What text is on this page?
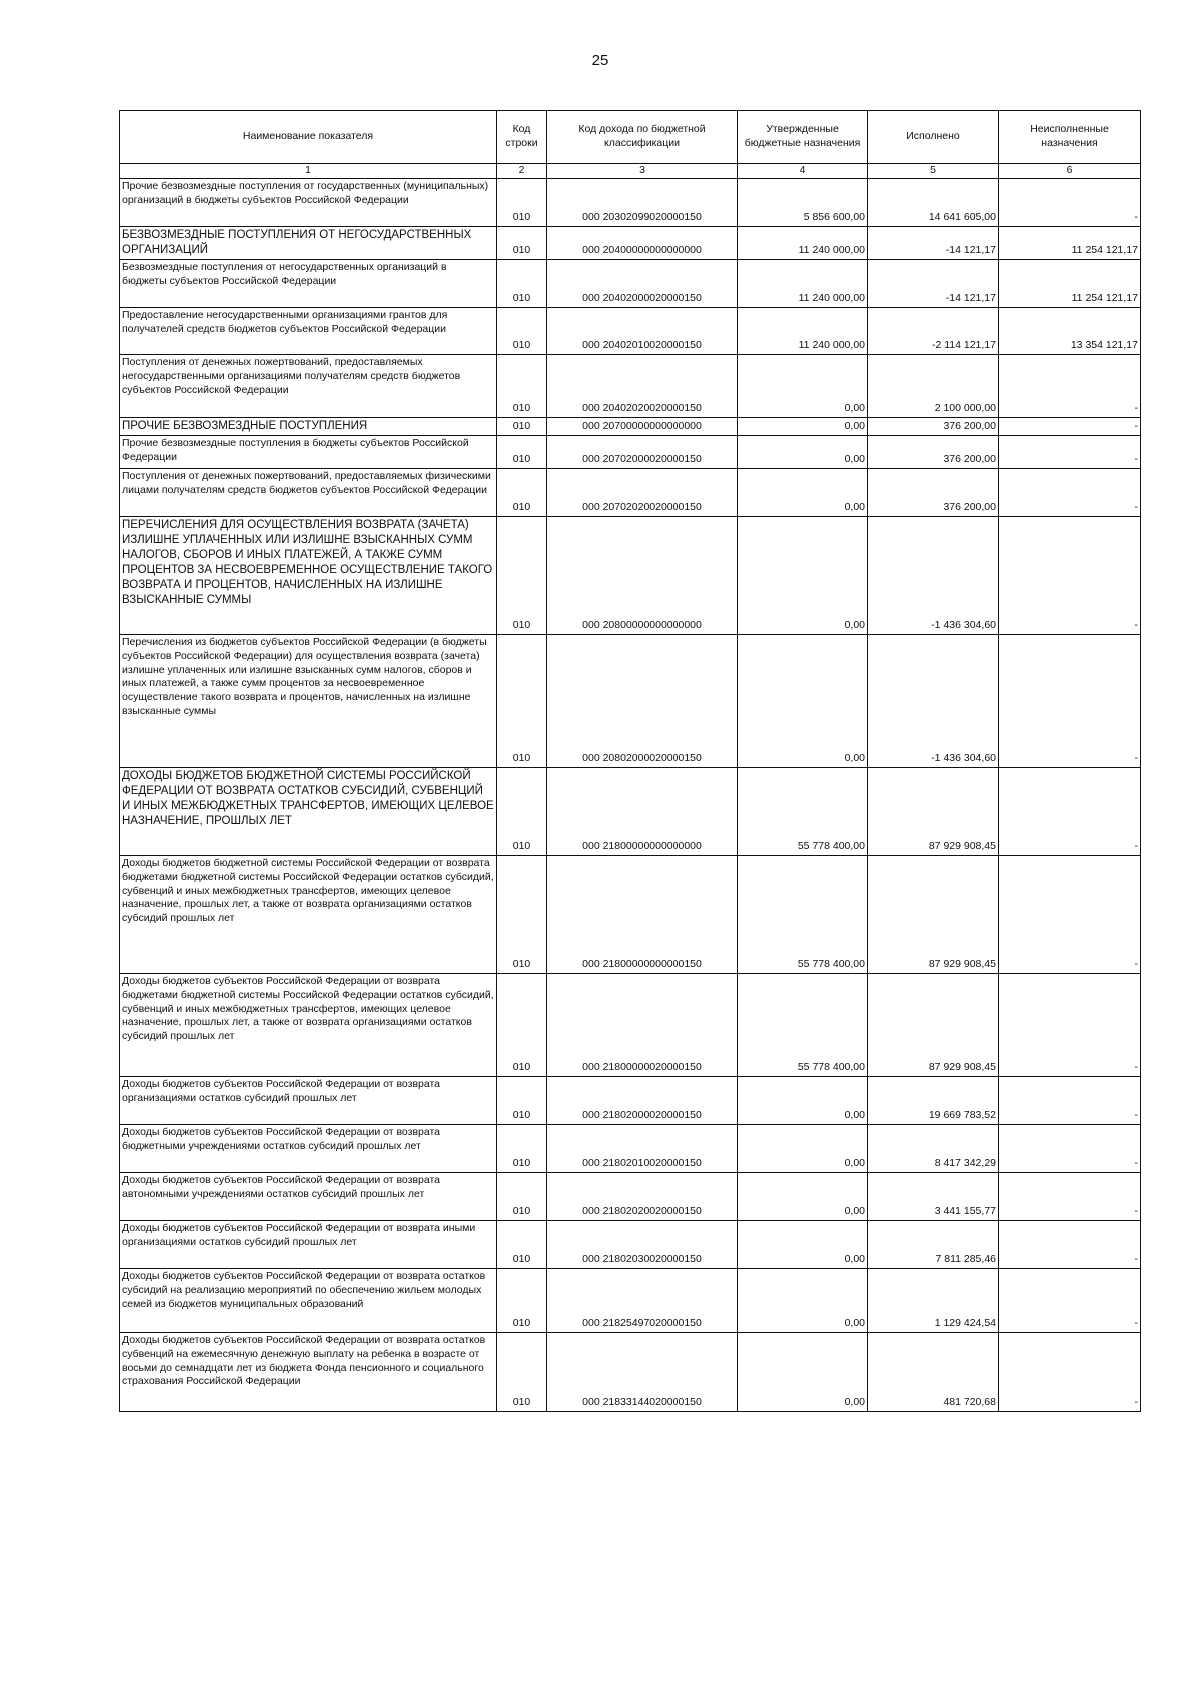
25
Наименование показателя	Код строки	Код дохода по бюджетной классификации	Утвержденные бюджетные назначения	Исполнено	Неисполненные назначения
1	2	3	4	5	6
Прочие безвозмездные поступления от государственных (муниципальных) организаций в бюджеты субъектов Российской Федерации	010	000 20302099020000150	5 856 600,00	14 641 605,00	-
БЕЗВОЗМЕЗДНЫЕ ПОСТУПЛЕНИЯ ОТ НЕГОСУДАРСТВЕННЫХ ОРГАНИЗАЦИЙ	010	000 20400000000000000	11 240 000,00	-14 121,17	11 254 121,17
Безвозмездные поступления от негосударственных организаций в бюджеты субъектов Российской Федерации	010	000 20402000020000150	11 240 000,00	-14 121,17	11 254 121,17
Предоставление негосударственными организациями грантов для получателей средств бюджетов субъектов Российской Федерации	010	000 20402010020000150	11 240 000,00	-2 114 121,17	13 354 121,17
Поступления от денежных пожертвований, предоставляемых негосударственными организациями получателям средств бюджетов субъектов Российской Федерации	010	000 20402020020000150	0,00	2 100 000,00	-
ПРОЧИЕ БЕЗВОЗМЕЗДНЫЕ ПОСТУПЛЕНИЯ	010	000 20700000000000000	0,00	376 200,00	-
Прочие безвозмездные поступления в бюджеты субъектов Российской Федерации	010	000 20702000020000150	0,00	376 200,00	-
Поступления от денежных пожертвований, предоставляемых физическими лицами получателям средств бюджетов субъектов Российской Федерации	010	000 20702020020000150	0,00	376 200,00	-
ПЕРЕЧИСЛЕНИЯ ДЛЯ ОСУЩЕСТВЛЕНИЯ ВОЗВРАТА (ЗАЧЕТА) ИЗЛИШНЕ УПЛАЧЕННЫХ ИЛИ ИЗЛИШНЕ ВЗЫСКАННЫХ СУММ НАЛОГОВ, СБОРОВ И ИНЫХ ПЛАТЕЖЕЙ, А ТАКЖЕ СУММ ПРОЦЕНТОВ ЗА НЕСВОЕВРЕМЕННОЕ ОСУЩЕСТВЛЕНИЕ ТАКОГО ВОЗВРАТА И ПРОЦЕНТОВ, НАЧИСЛЕННЫХ НА ИЗЛИШНЕ ВЗЫСКАННЫЕ СУММЫ	010	000 20800000000000000	0,00	-1 436 304,60	-
Перечисления из бюджетов субъектов Российской Федерации (в бюджеты субъектов Российской Федерации) для осуществления возврата (зачета) излишне уплаченных или излишне взысканных сумм налогов, сборов и иных платежей, а также сумм процентов за несвоевременное осуществление такого возврата и процентов, начисленных на излишне взысканные суммы	010	000 20802000020000150	0,00	-1 436 304,60	-
ДОХОДЫ БЮДЖЕТОВ БЮДЖЕТНОЙ СИСТЕМЫ РОССИЙСКОЙ ФЕДЕРАЦИИ ОТ ВОЗВРАТА ОСТАТКОВ СУБСИДИЙ, СУБВЕНЦИЙ И ИНЫХ МЕЖБЮДЖЕТНЫХ ТРАНСФЕРТОВ, ИМЕЮЩИХ ЦЕЛЕВОЕ НАЗНАЧЕНИЕ, ПРОШЛЫХ ЛЕТ	010	000 21800000000000000	55 778 400,00	87 929 908,45	-
Доходы бюджетов бюджетной системы Российской Федерации от возврата бюджетами бюджетной системы Российской Федерации остатков субсидий, субвенций и иных межбюджетных трансфертов, имеющих целевое назначение, прошлых лет, а также от возврата организациями остатков субсидий прошлых лет	010	000 21800000000000150	55 778 400,00	87 929 908,45	-
Доходы бюджетов субъектов Российской Федерации от возврата бюджетами бюджетной системы Российской Федерации остатков субсидий, субвенций и иных межбюджетных трансфертов, имеющих целевое назначение, прошлых лет, а также от возврата организациями остатков субсидий прошлых лет	010	000 21800000020000150	55 778 400,00	87 929 908,45	-
Доходы бюджетов субъектов Российской Федерации от возврата организациями остатков субсидий прошлых лет	010	000 21802000020000150	0,00	19 669 783,52	-
Доходы бюджетов субъектов Российской Федерации от возврата бюджетными учреждениями остатков субсидий прошлых лет	010	000 21802010020000150	0,00	8 417 342,29	-
Доходы бюджетов субъектов Российской Федерации от возврата автономными учреждениями остатков субсидий прошлых лет	010	000 21802020020000150	0,00	3 441 155,77	-
Доходы бюджетов субъектов Российской Федерации от возврата иными организациями остатков субсидий прошлых лет	010	000 21802030020000150	0,00	7 811 285,46	-
Доходы бюджетов субъектов Российской Федерации от возврата остатков субсидий на реализацию мероприятий по обеспечению жильем молодых семей из бюджетов муниципальных образований	010	000 21825497020000150	0,00	1 129 424,54	-
Доходы бюджетов субъектов Российской Федерации от возврата остатков субвенций на ежемесячную денежную выплату на ребенка в возрасте от восьми до семнадцати лет из бюджета Фонда пенсионного и социального страхования Российской Федерации	010	000 21833144020000150	0,00	481 720,68	-
